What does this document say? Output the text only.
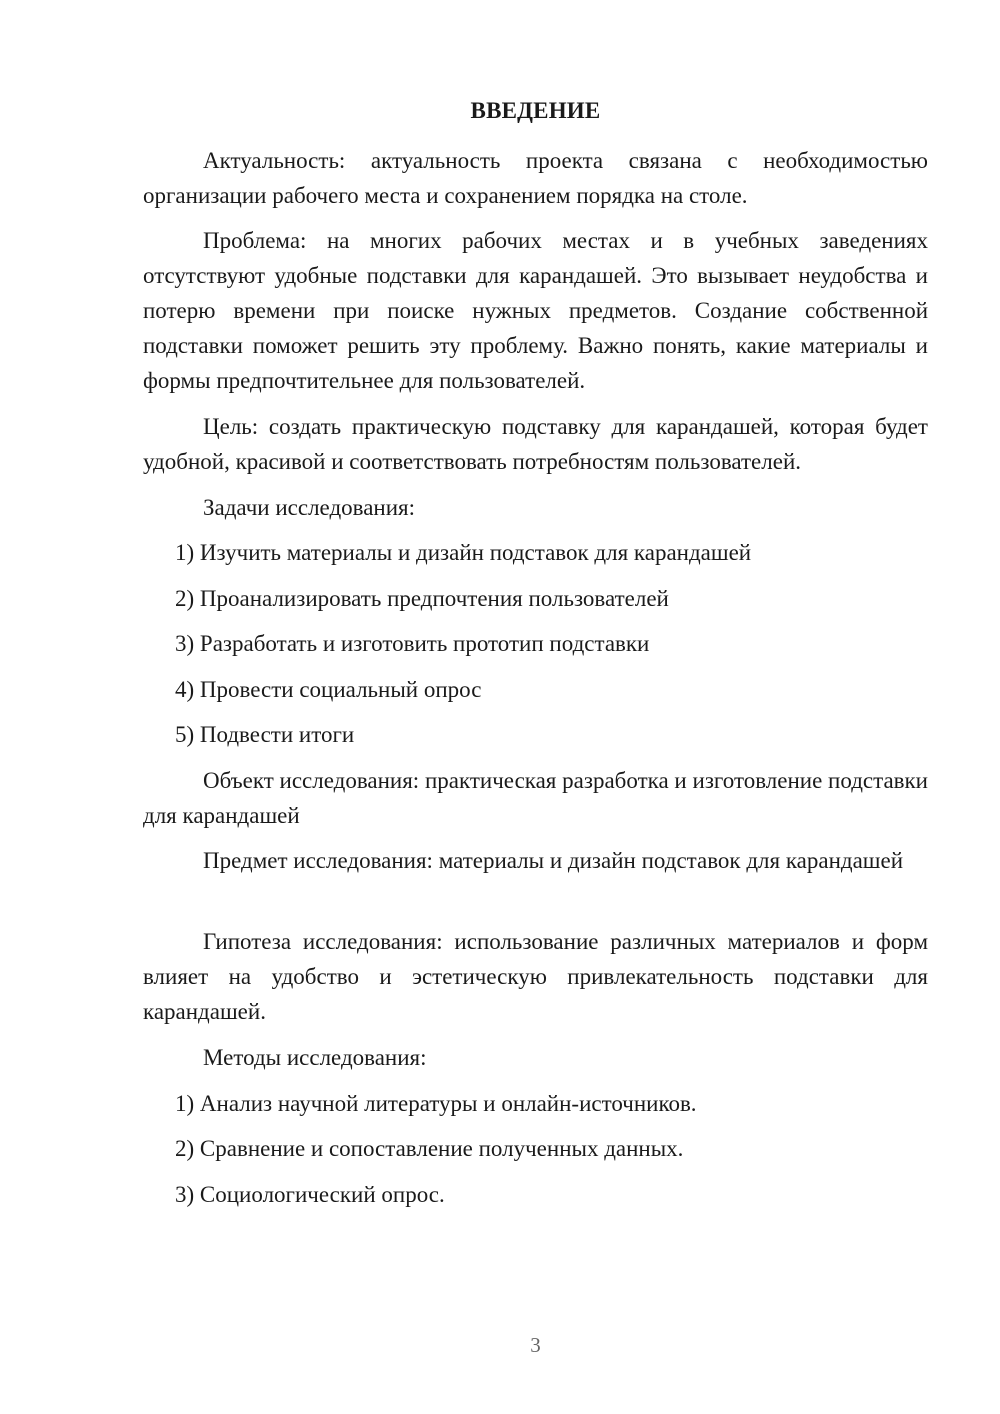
ВВЕДЕНИЕ
Актуальность: актуальность проекта связана с необходимостью организации рабочего места и сохранением порядка на столе.
Проблема: на многих рабочих местах и в учебных заведениях отсутствуют удобные подставки для карандашей. Это вызывает неудобства и потерю времени при поиске нужных предметов. Создание собственной подставки поможет решить эту проблему. Важно понять, какие материалы и формы предпочтительнее для пользователей.
Цель: создать практическую подставку для карандашей, которая будет удобной, красивой и соответствовать потребностям пользователей.
Задачи исследования:
1) Изучить материалы и дизайн подставок для карандашей
2) Проанализировать предпочтения пользователей
3) Разработать и изготовить прототип подставки
4) Провести социальный опрос
5) Подвести итоги
Объект исследования: практическая разработка и изготовление подставки для карандашей
Предмет исследования: материалы и дизайн подставок для карандашей
Гипотеза исследования: использование различных материалов и форм влияет на удобство и эстетическую привлекательность подставки для карандашей.
Методы исследования:
1) Анализ научной литературы и онлайн-источников.
2) Сравнение и сопоставление полученных данных.
3) Социологический опрос.
3
